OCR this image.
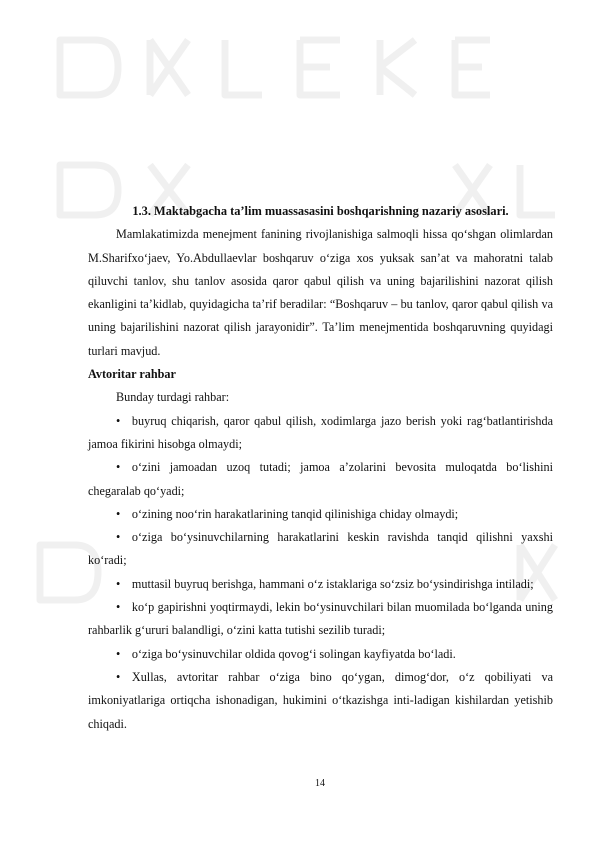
1.3. Maktabgacha ta’lim muassasasini boshqarishning nazariy asoslari.

Mamlakatimizda menejment fanining rivojlanishiga salmoqli hissa qo‘shgan olimlardan M.Sharifxo‘jaev, Yo.Abdullaevlar boshqaruv o‘ziga xos yuksak san’at va mahoratni talab qiluvchi tanlov, shu tanlov asosida qaror qabul qilish va uning bajarilishini nazorat qilish ekanligini ta’kidlab, quyidagicha ta’rif beradilar: “Boshqaruv – bu tanlov, qaror qabul qilish va uning bajarilishini nazorat qilish jarayonidir”. Ta’lim menejmentida boshqaruvning quyidagi turlari mavjud.

Avtoritar rahbar

Bunday turdagi rahbar:

• buyruq chiqarish, qaror qabul qilish, xodimlarga jazo berish yoki rag‘batlantirishda jamoa fikirini hisobga olmaydi;

• o‘zini jamoadan uzoq tutadi; jamoa a’zolarini bevosita muloqatda bo‘lishini chegaralab qo‘yadi;

• o‘zining noo‘rin harakatlarining tanqid qilinishiga chiday olmaydi;

• o‘ziga bo‘ysinuvchilarning harakatlarini keskin ravishda tanqid qilishni yaxshi ko‘radi;

• muttasil buyruq berishga, hammani o‘z istaklariga so‘zsiz bo‘ysindirishga intiladi;

• ko‘p gapirishni yoqtirmaydi, lekin bo‘ysinuvchilari bilan muomilada bo‘lganda uning rahbarlik g‘ururi balandligi, o‘zini katta tutishi sezilib turadi;

• o‘ziga bo‘ysinuvchilar oldida qovog‘i solingan kayfiyatda bo‘ladi.

• Xullas, avtoritar rahbar o‘ziga bino qo‘ygan, dimog‘dor, o‘z qobiliyati va imkoniyatlariga ortiqcha ishonadigan, hukimini o‘tkazishga inti-ladigan kishilardan yetishib chiqadi.

14
